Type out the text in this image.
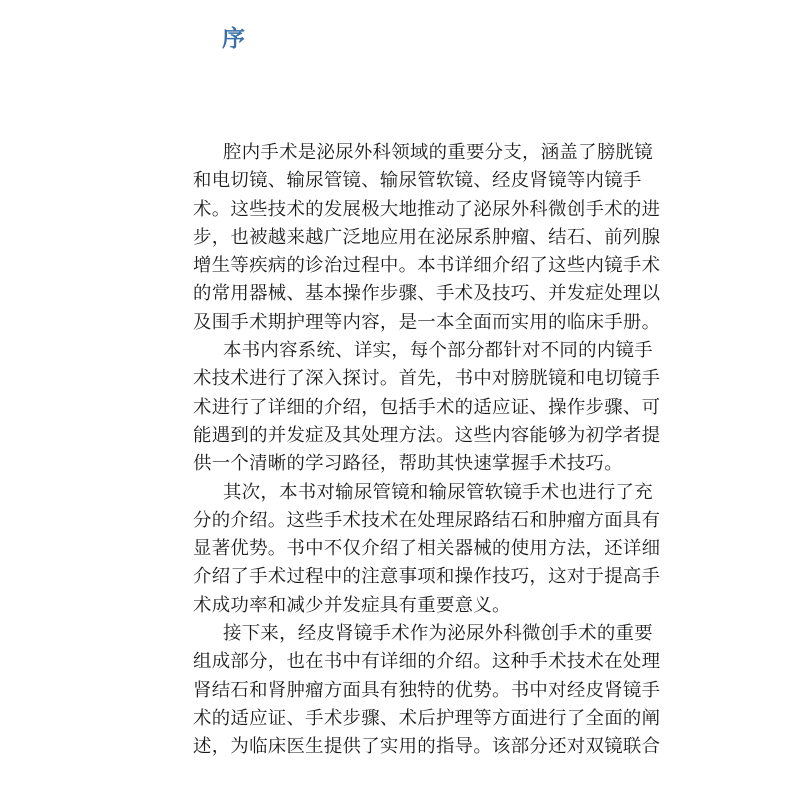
序
腔内手术是泌尿外科领域的重要分支，涵盖了膀胱镜
和电切镜、输尿管镜、输尿管软镜、经皮肾镜等内镜手
术。这些技术的发展极大地推动了泌尿外科微创手术的进
步，也被越来越广泛地应用在泌尿系肿瘤、结石、前列腺
增生等疾病的诊治过程中。本书详细介绍了这些内镜手术
的常用器械、基本操作步骤、手术及技巧、并发症处理以
及围手术期护理等内容，是一本全面而实用的临床手册。
本书内容系统、详实，每个部分都针对不同的内镜手
术技术进行了深入探讨。首先，书中对膀胱镜和电切镜手
术进行了详细的介绍，包括手术的适应证、操作步骤、可
能遇到的并发症及其处理方法。这些内容能够为初学者提
供一个清晰的学习路径，帮助其快速掌握手术技巧。
其次，本书对输尿管镜和输尿管软镜手术也进行了充
分的介绍。这些手术技术在处理尿路结石和肿瘤方面具有
显著优势。书中不仅介绍了相关器械的使用方法，还详细
介绍了手术过程中的注意事项和操作技巧，这对于提高手
术成功率和减少并发症具有重要意义。
接下来，经皮肾镜手术作为泌尿外科微创手术的重要
组成部分，也在书中有详细的介绍。这种手术技术在处理
肾结石和肾肿瘤方面具有独特的优势。书中对经皮肾镜手
术的适应证、手术步骤、术后护理等方面进行了全面的阐
述，为临床医生提供了实用的指导。该部分还对双镜联合
